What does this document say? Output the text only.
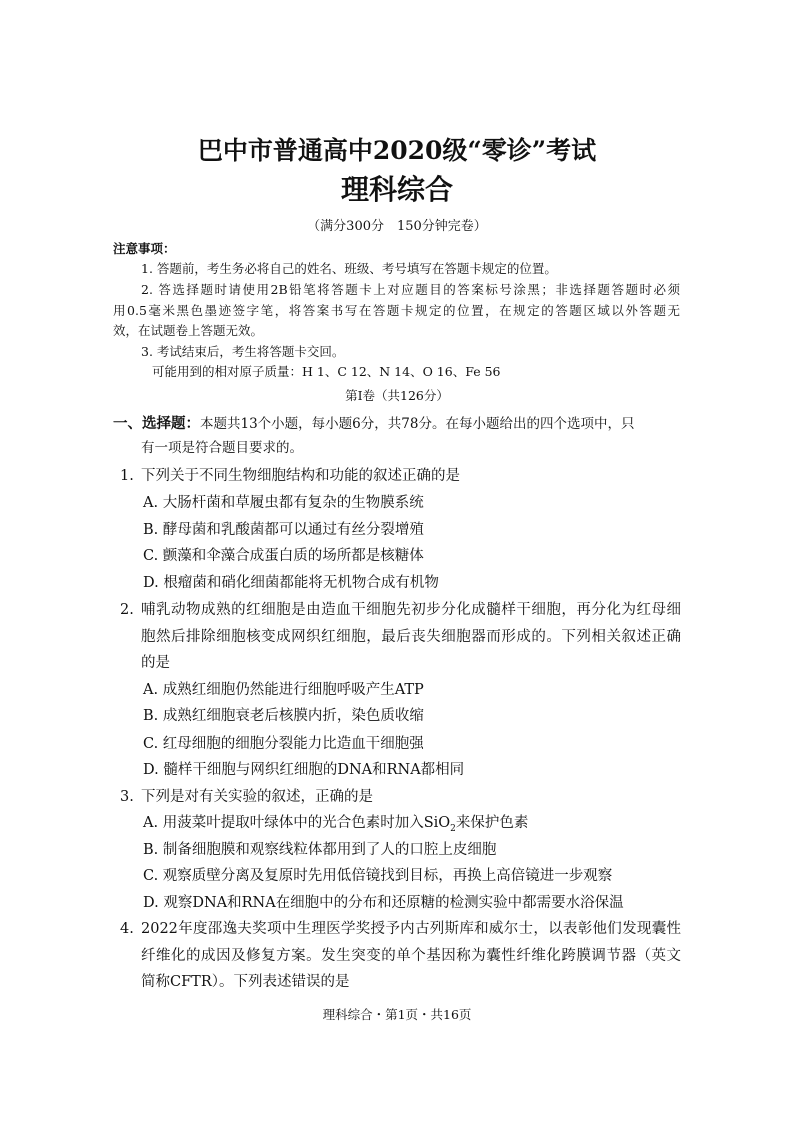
巴中市普通高中2020级“零诊”考试
理科综合
（满分300分　150分钟完卷）
注意事项：
1. 答题前，考生务必将自己的姓名、班级、考号填写在答题卡规定的位置。
2. 答选择题时请使用2B铅笔将答题卡上对应题目的答案标号涂黑；非选择题答题时必须
用0.5毫米黑色墨迹签字笔，将答案书写在答题卡规定的位置，在规定的答题区域以外答题无
效，在试题卷上答题无效。
3. 考试结束后，考生将答题卡交回。
可能用到的相对原子质量：H 1、C 12、N 14、O 16、Fe 56
第Ⅰ卷（共126分）
一、选择题：本题共13个小题，每小题6分，共78分。在每小题给出的四个选项中，只
有一项是符合题目要求的。
1. 下列关于不同生物细胞结构和功能的叙述正确的是
A. 大肠杆菌和草履虫都有复杂的生物膜系统
B. 酵母菌和乳酸菌都可以通过有丝分裂增殖
C. 颤藻和伞藻合成蛋白质的场所都是核糖体
D. 根瘤菌和硝化细菌都能将无机物合成有机物
2. 哺乳动物成熟的红细胞是由造血干细胞先初步分化成髓样干细胞，再分化为红母细
胞然后排除细胞核变成网织红细胞，最后丧失细胞器而形成的。下列相关叙述正确
的是
A. 成熟红细胞仍然能进行细胞呼吸产生ATP
B. 成熟红细胞衰老后核膜内折，染色质收缩
C. 红母细胞的细胞分裂能力比造血干细胞强
D. 髓样干细胞与网织红细胞的DNA和RNA都相同
3. 下列是对有关实验的叙述，正确的是
A. 用菠菜叶提取叶绿体中的光合色素时加入SiO$_2$来保护色素
B. 制备细胞膜和观察线粒体都用到了人的口腔上皮细胞
C. 观察质壁分离及复原时先用低倍镜找到目标，再换上高倍镜进一步观察
D. 观察DNA和RNA在细胞中的分布和还原糖的检测实验中都需要水浴保温
4. 2022年度邵逸夫奖项中生理医学奖授予内古列斯库和威尔士，以表彰他们发现囊性
纤维化的成因及修复方案。发生突变的单个基因称为囊性纤维化跨膜调节器（英文
简称CFTR）。下列表述错误的是
理科综合・第1页・共16页
